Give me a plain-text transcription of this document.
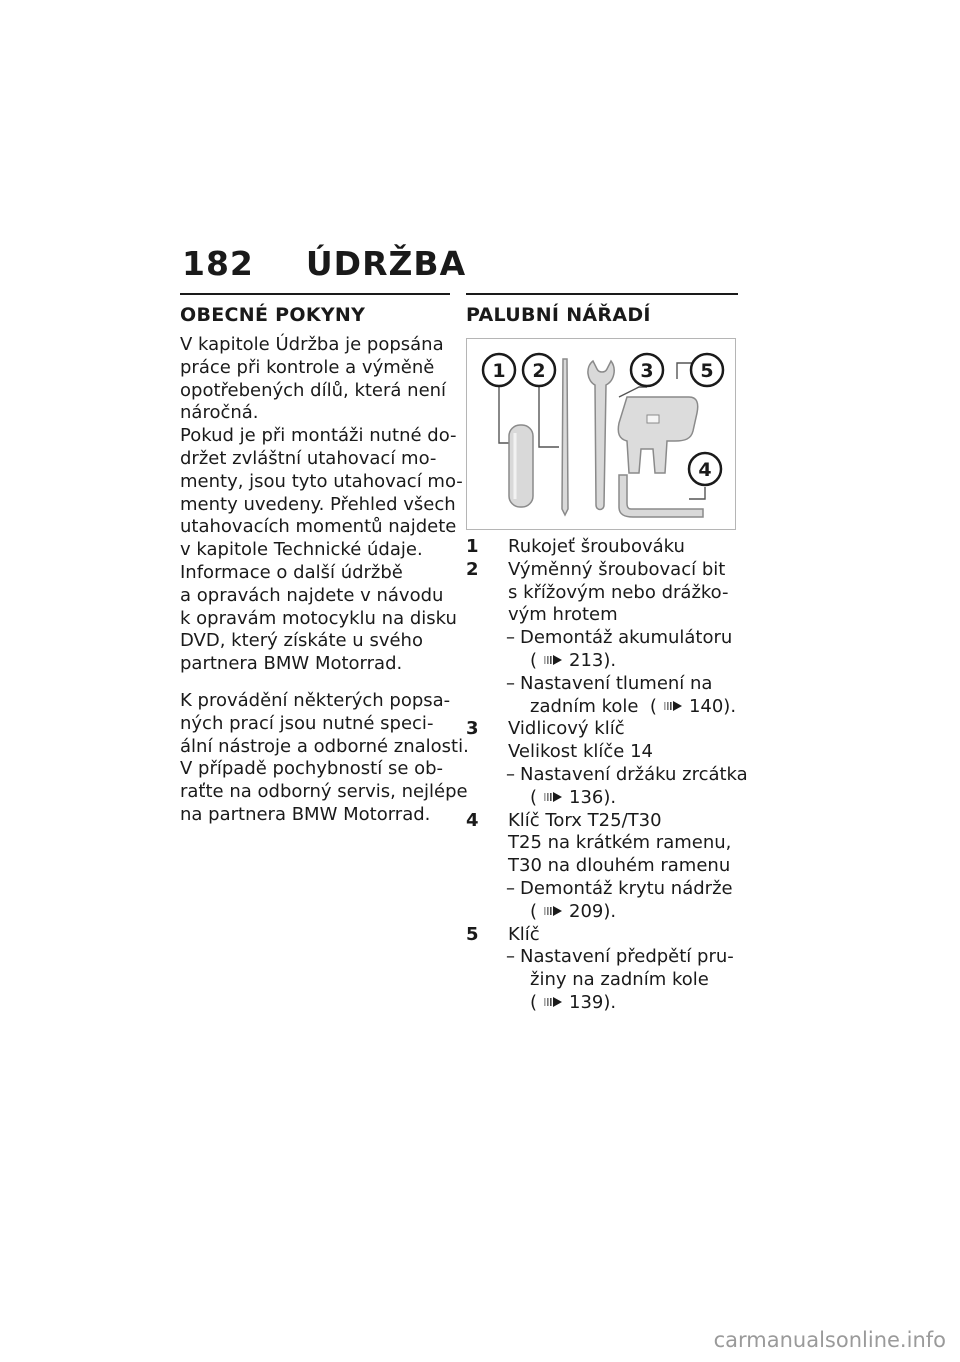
182 ÚDRŽBA
OBECNÉ POKYNY
V kapitole Údržba je popsána
práce při kontrole a výměně
opotřebených dílů, která není
náročná.
Pokud je při montáži nutné do-
držet zvláštní utahovací mo-
menty, jsou tyto utahovací mo-
menty uvedeny. Přehled všech
utahovacích momentů najdete
v kapitole Technické údaje.
Informace o další údržbě
a opravách najdete v návodu
k opravám motocyklu na disku
DVD, který získáte u svého
partnera BMW Motorrad.
K provádění některých popsa-
ných prací jsou nutné speci-
ální nástroje a odborné znalosti.
V případě pochybností se ob-
raťte na odborný servis, nejlépe
na partnera BMW Motorrad.
PALUBNÍ NÁŘADÍ
1 2	3
4
5
1 Rukojeť šroubováku
2 Výměnný šroubovací bit
s křížovým nebo drážko-
vým hrotem
– Demontáž akumulátoru
( 213).
– Nastavení tlumení na
zadním kole ( 140).
3 Vidlicový klíč
Velikost klíče 14
– Nastavení držáku zrcátka
( 136).
4 Klíč Torx T25/T30
T25 na krátkém ramenu,
T30 na dlouhém ramenu
– Demontáž krytu nádrže
( 209).
5 Klíč
– Nastavení předpětí pru-
žiny na zadním kole
( 139).
carmanualsonline.info
